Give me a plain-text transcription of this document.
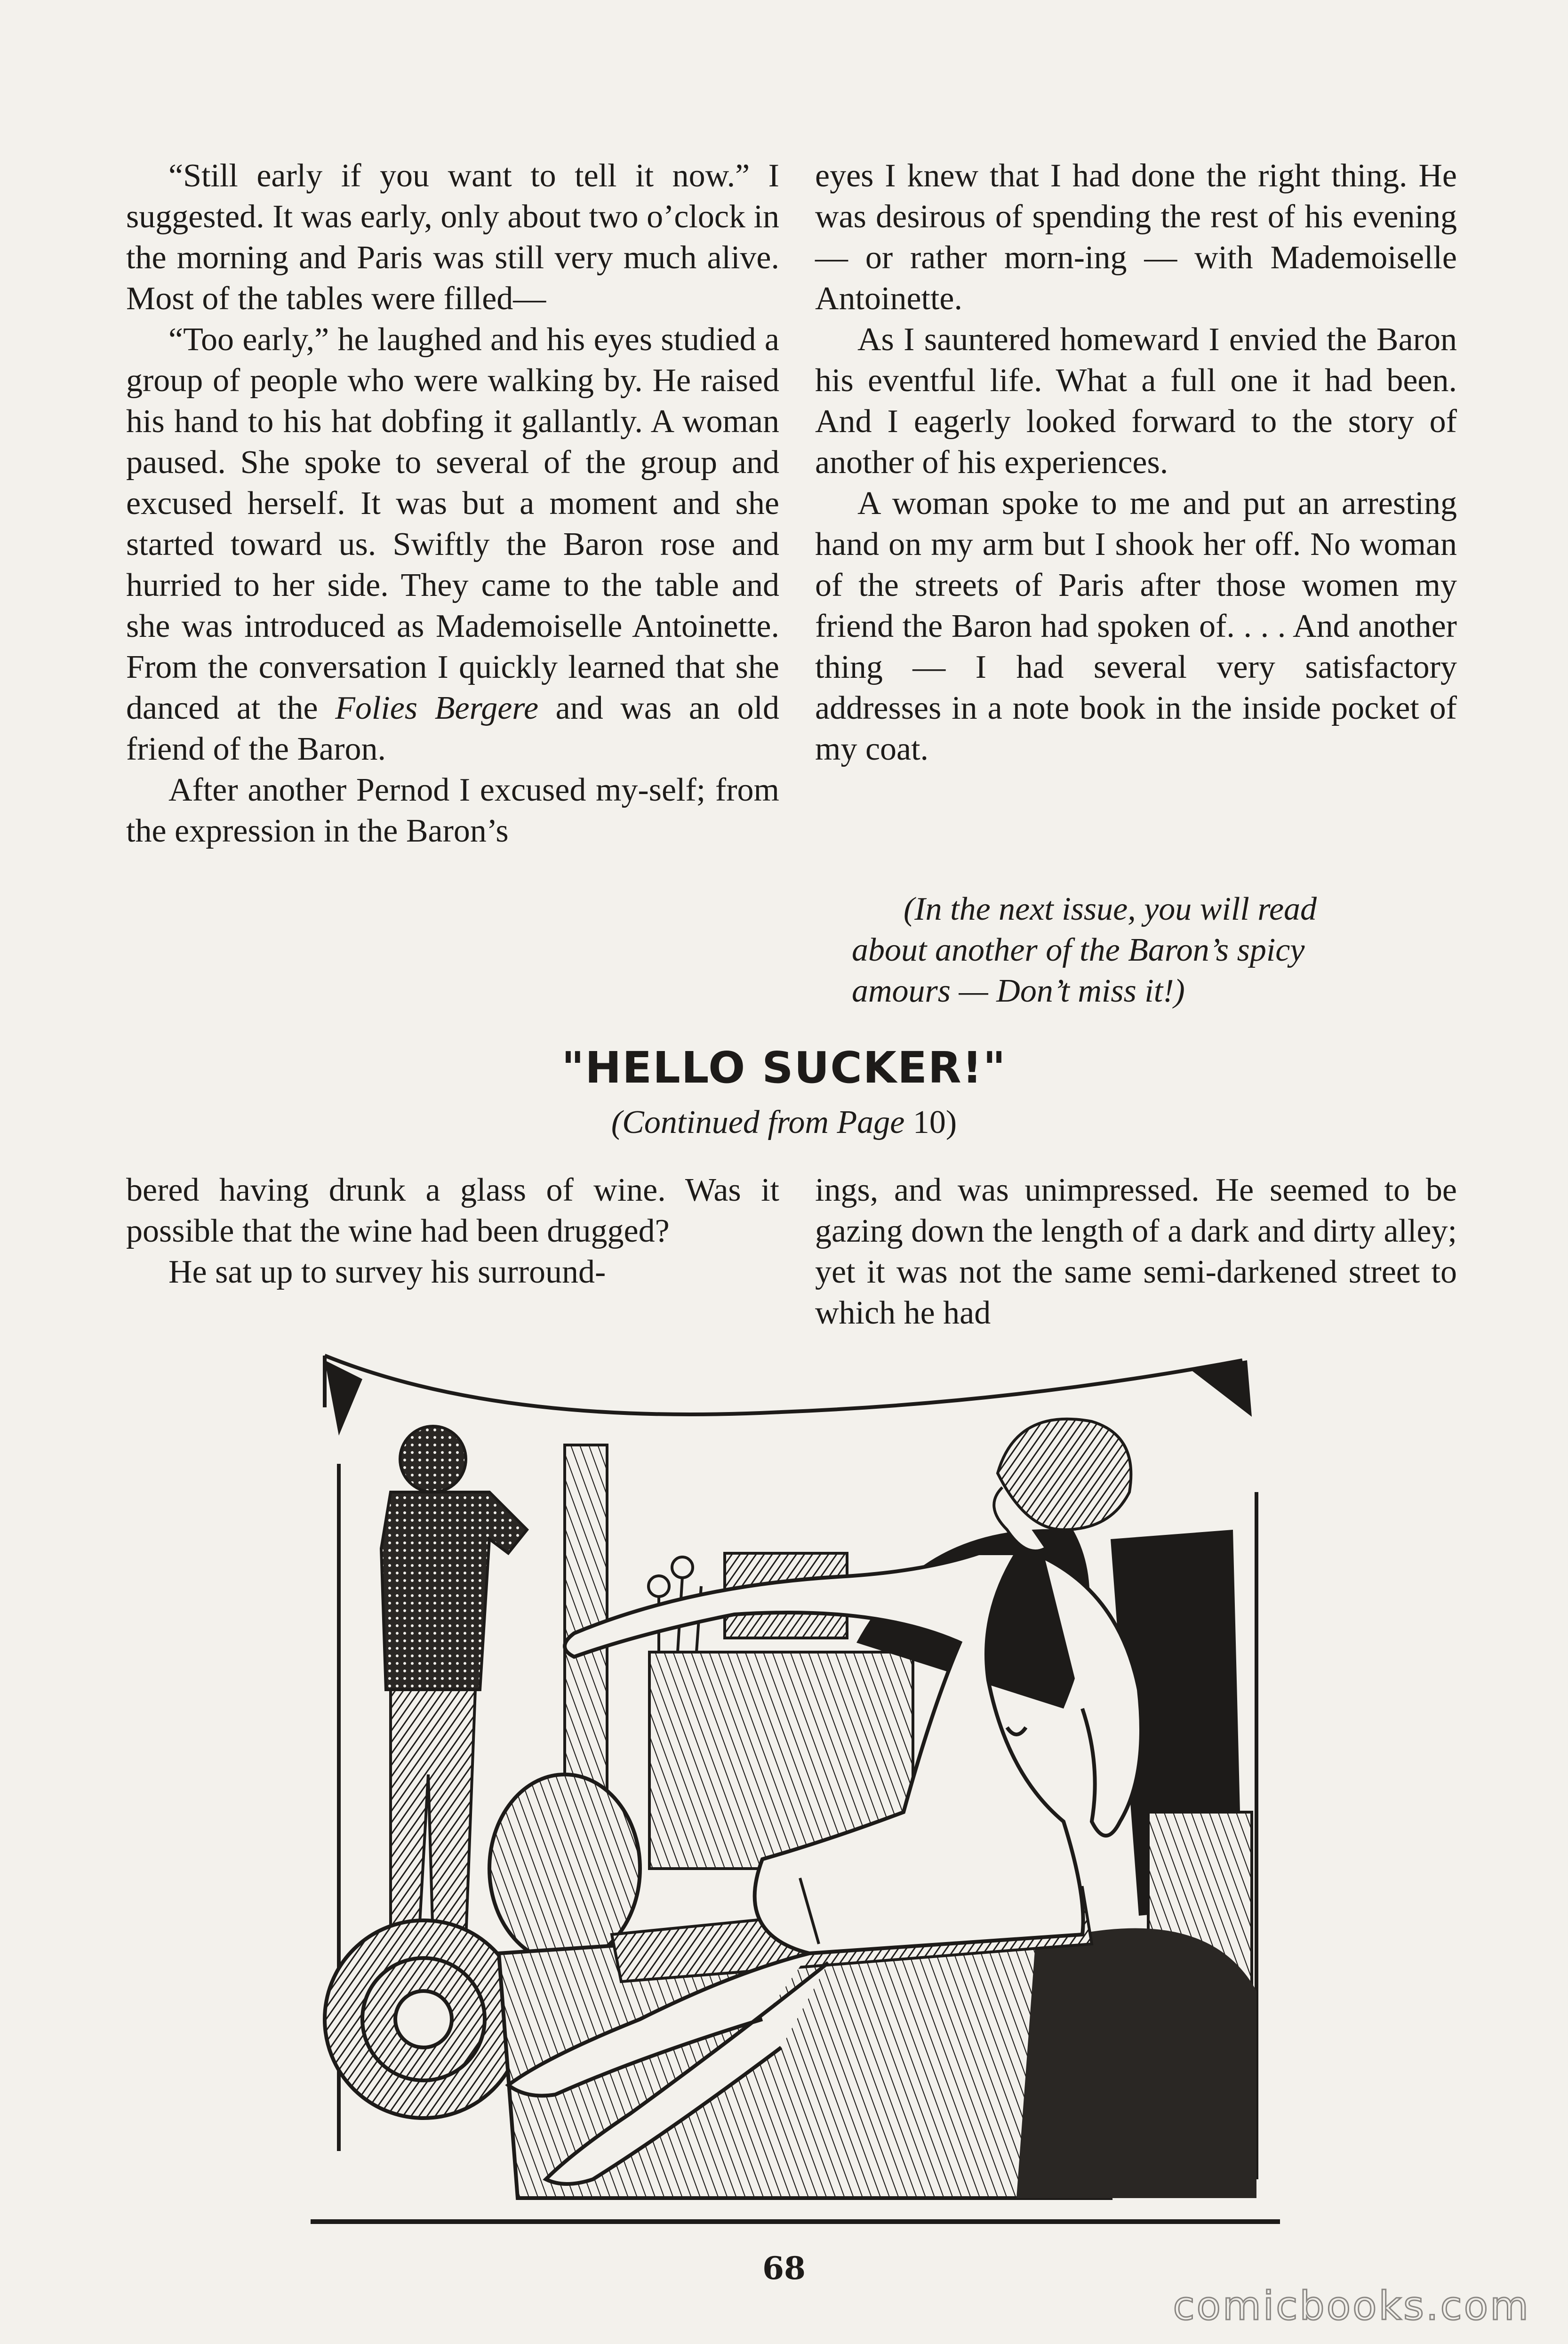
“Still early if you want to tell it now.” I suggested. It was early, only about two o’clock in the morning and Paris was still very much alive. Most of the tables were filled—

“Too early,” he laughed and his eyes studied a group of people who were walking by. He raised his hand to his hat dobfing it gallantly. A woman paused. She spoke to several of the group and excused herself. It was but a moment and she started toward us. Swiftly the Baron rose and hurried to her side. They came to the table and she was introduced as Mademoiselle Antoinette. From the conversation I quickly learned that she danced at the Folies Bergere and was an old friend of the Baron.

After another Pernod I excused my-self; from the expression in the Baron’s

eyes I knew that I had done the right thing. He was desirous of spending the rest of his evening — or rather morn-ing — with Mademoiselle Antoinette.

As I sauntered homeward I envied the Baron his eventful life. What a full one it had been. And I eagerly looked forward to the story of another of his experiences.

A woman spoke to me and put an arresting hand on my arm but I shook her off. No woman of the streets of Paris after those women my friend the Baron had spoken of. . . . And another thing — I had several very satisfactory addresses in a note book in the inside pocket of my coat.

(In the next issue, you will read
about another of the Baron’s spicy
amours — Don’t miss it!)
"HELLO SUCKER!"
(Continued from Page 10)

bered having drunk a glass of wine. Was it possible that the wine had been drugged?

He sat up to survey his surround-

ings, and was unimpressed. He seemed to be gazing down the length of a dark and dirty alley; yet it was not the same semi-darkened street to which he had

68
comicbooks.com
